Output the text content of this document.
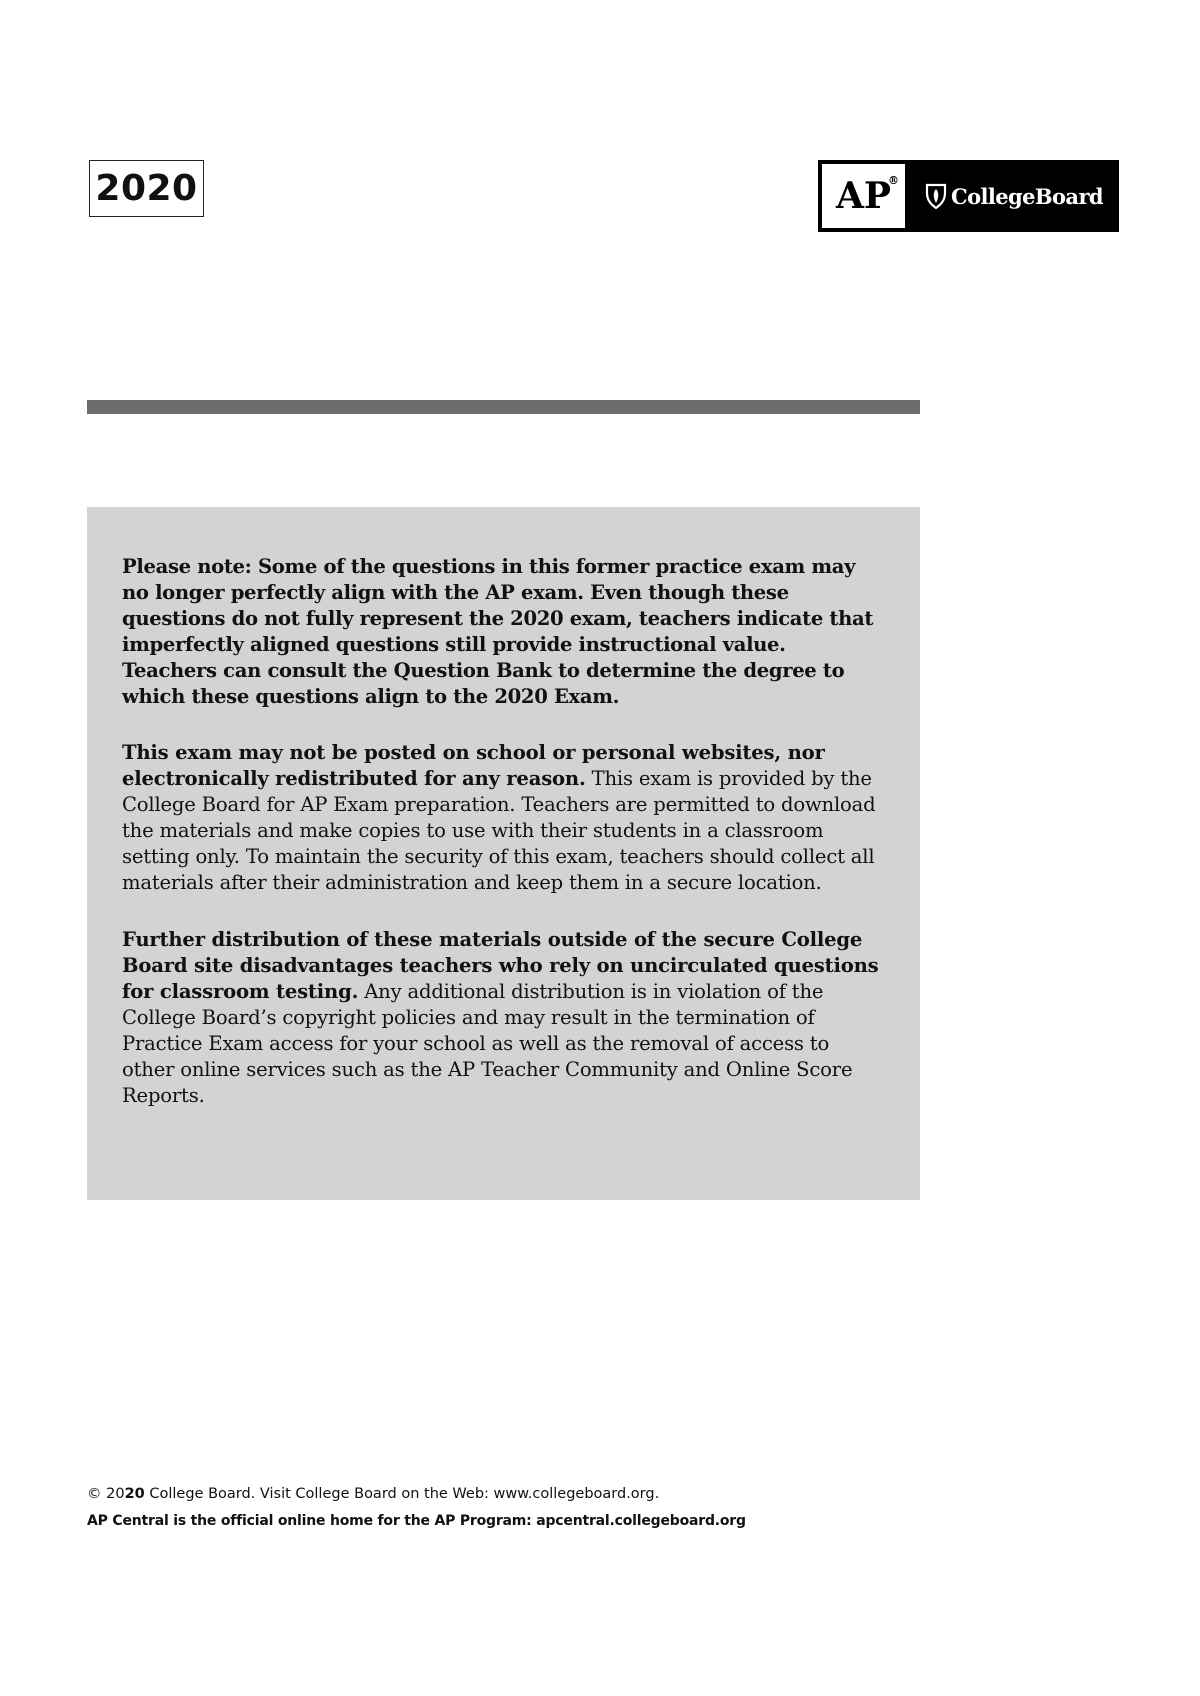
2020	AP
®
CollegeBoard

Please note: Some of the questions in this former practice exam may no longer perfectly align with the AP exam. Even though these questions do not fully represent the 2020 exam, teachers indicate that imperfectly aligned questions still provide instructional value. Teachers can consult the Question Bank to determine the degree to which these questions align to the 2020 Exam.

This exam may not be posted on school or personal websites, nor electronically redistributed for any reason. This exam is provided by the College Board for AP Exam preparation. Teachers are permitted to download the materials and make copies to use with their students in a classroom setting only. To maintain the security of this exam, teachers should collect all materials after their administration and keep them in a secure location.

Further distribution of these materials outside of the secure College Board site disadvantages teachers who rely on uncirculated questions for classroom testing. Any additional distribution is in violation of the College Board’s copyright policies and may result in the termination of Practice Exam access for your school as well as the removal of access to other online services such as the AP Teacher Community and Online Score Reports.

© 2020 College Board. Visit College Board on the Web: www.collegeboard.org.
AP Central is the official online home for the AP Program: apcentral.collegeboard.org
